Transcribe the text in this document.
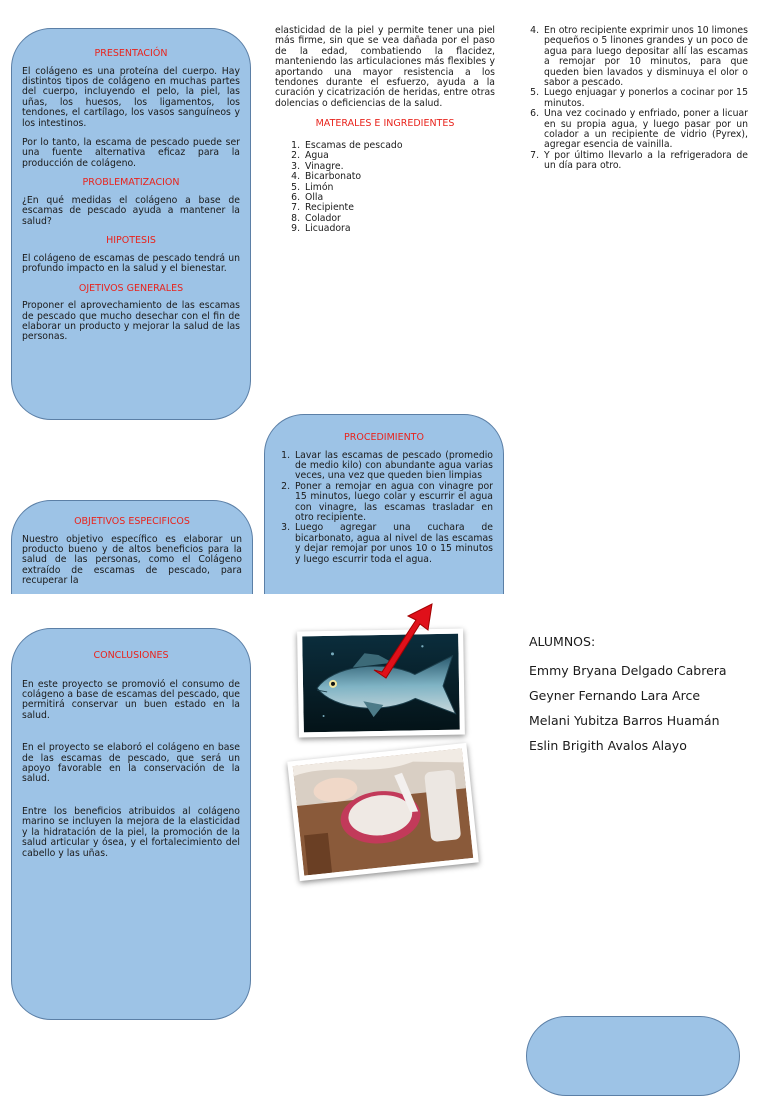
PRESENTACIÓN

El colágeno es una proteína del cuerpo. Hay distintos tipos de colágeno en muchas partes del cuerpo, incluyendo el pelo, la piel, las uñas, los huesos, los ligamentos, los tendones, el cartílago, los vasos sanguíneos y los intestinos.

Por lo tanto, la escama de pescado puede ser una fuente alternativa eficaz para la producción de colágeno.

PROBLEMATIZACION

¿En qué medidas el colágeno a base de escamas de pescado ayuda a mantener la salud?

HIPOTESIS

El colágeno de escamas de pescado tendrá un profundo impacto en la salud y el bienestar.

OJETIVOS GENERALES

Proponer el aprovechamiento de las escamas de pescado que mucho desechar con el fin de elaborar un producto y mejorar la salud de las personas.

elasticidad de la piel y permite tener una piel más firme, sin que se vea dañada por el paso de la edad, combatiendo la flacidez, manteniendo las articulaciones más flexibles y aportando una mayor resistencia a los tendones durante el esfuerzo, ayuda a la curación y cicatrización de heridas, entre otras dolencias o deficiencias de la salud.

MATERALES E INGREDIENTES
1. Escamas de pescado
2. Agua
3. Vinagre.
4. Bicarbonato
5. Limón
6. Olla
7. Recipiente
8. Colador
9. Licuadora
4. En otro recipiente exprimir unos 10 limones pequeños o 5 linones grandes y un poco de agua para luego depositar allí las escamas a remojar por 10 minutos, para que queden bien lavados y disminuya el olor o sabor a pescado.
5. Luego enjuagar y ponerlos a cocinar por 15 minutos.
6. Una vez cocinado y enfriado, poner a licuar en su propia agua, y luego pasar por un colador a un recipiente de vidrio (Pyrex), agregar esencia de vainilla.
7. Y por último llevarlo a la refrigeradora de un día para otro.
PROCEDIMIENTO
1. Lavar las escamas de pescado (promedio de medio kilo) con abundante agua varias veces, una vez que queden bien limpias
2. Poner a remojar en agua con vinagre por 15 minutos, luego colar y escurrir el agua con vinagre, las escamas trasladar en otro recipiente.
3. Luego agregar una cuchara de bicarbonato, agua al nivel de las escamas y dejar remojar por unos 10 o 15 minutos y luego escurrir toda el agua.
OBJETIVOS ESPECIFICOS

Nuestro objetivo específico es elaborar un producto bueno y de altos beneficios para la salud de las personas, como el Colágeno extraído de escamas de pescado, para recuperar la

CONCLUSIONES

En este proyecto se promovió el consumo de colágeno a base de escamas del pescado, que permitirá conservar un buen estado en la salud.

En el proyecto se elaboró el colágeno en base de las escamas de pescado, que será un apoyo favorable en la conservación de la salud.

Entre los beneficios atribuidos al colágeno marino se incluyen la mejora de la elasticidad y la hidratación de la piel, la promoción de la salud articular y ósea, y el fortalecimiento del cabello y las uñas.

ALUMNOS:
Emmy Bryana Delgado Cabrera
Geyner Fernando Lara Arce
Melani Yubitza Barros Huamán
Eslin Brigith Avalos Alayo
